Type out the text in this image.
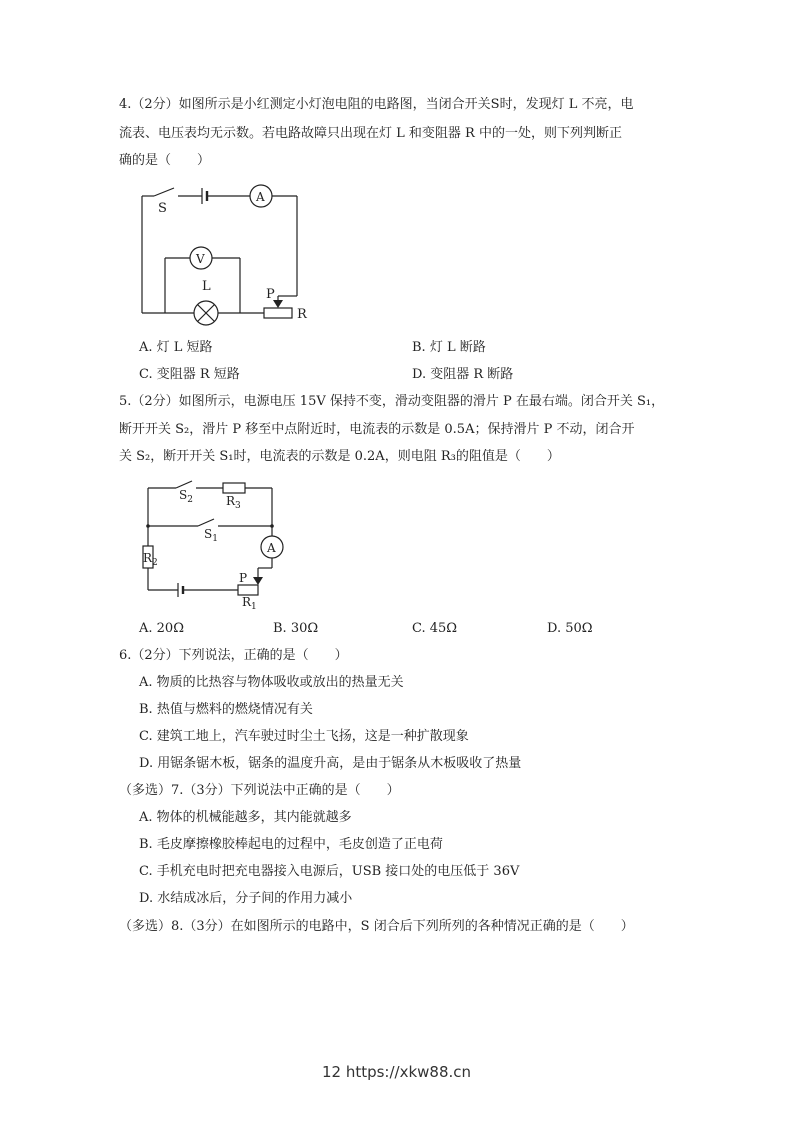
4.（2分）如图所示是小红测定小灯泡电阻的电路图，当闭合开关S时，发现灯 L 不亮，电
流表、电压表均无示数。若电路故障只出现在灯 L 和变阻器 R 中的一处，则下列判断正
确的是（　　）
S
A
V
L
P
R
A. 灯 L 短路	B. 灯 L 断路
C. 变阻器 R 短路	D. 变阻器 R 断路
5.（2分）如图所示，电源电压 15V 保持不变，滑动变阻器的滑片 P 在最右端。闭合开关 S₁，
断开开关 S₂，滑片 P 移至中点附近时，电流表的示数是 0.5A；保持滑片 P 不动，闭合开
关 S₂，断开开关 S₁时，电流表的示数是 0.2A，则电阻 R₃的阻值是（　　）
$S_2$	$R_3$
$S_1$
A
$R_2$
P
$R_1$
A. 20Ω	B. 30Ω	C. 45Ω	D. 50Ω
6.（2分）下列说法，正确的是（　　）
A. 物质的比热容与物体吸收或放出的热量无关
B. 热值与燃料的燃烧情况有关
C. 建筑工地上，汽车驶过时尘土飞扬，这是一种扩散现象
D. 用锯条锯木板，锯条的温度升高，是由于锯条从木板吸收了热量
（多选）7.（3分）下列说法中正确的是（　　）
A. 物体的机械能越多，其内能就越多
B. 毛皮摩擦橡胶棒起电的过程中，毛皮创造了正电荷
C. 手机充电时把充电器接入电源后，USB 接口处的电压低于 36V
D. 水结成冰后，分子间的作用力减小
（多选）8.（3分）在如图所示的电路中，S 闭合后下列所列的各种情况正确的是（　　）
12 https://xkw88.cn
